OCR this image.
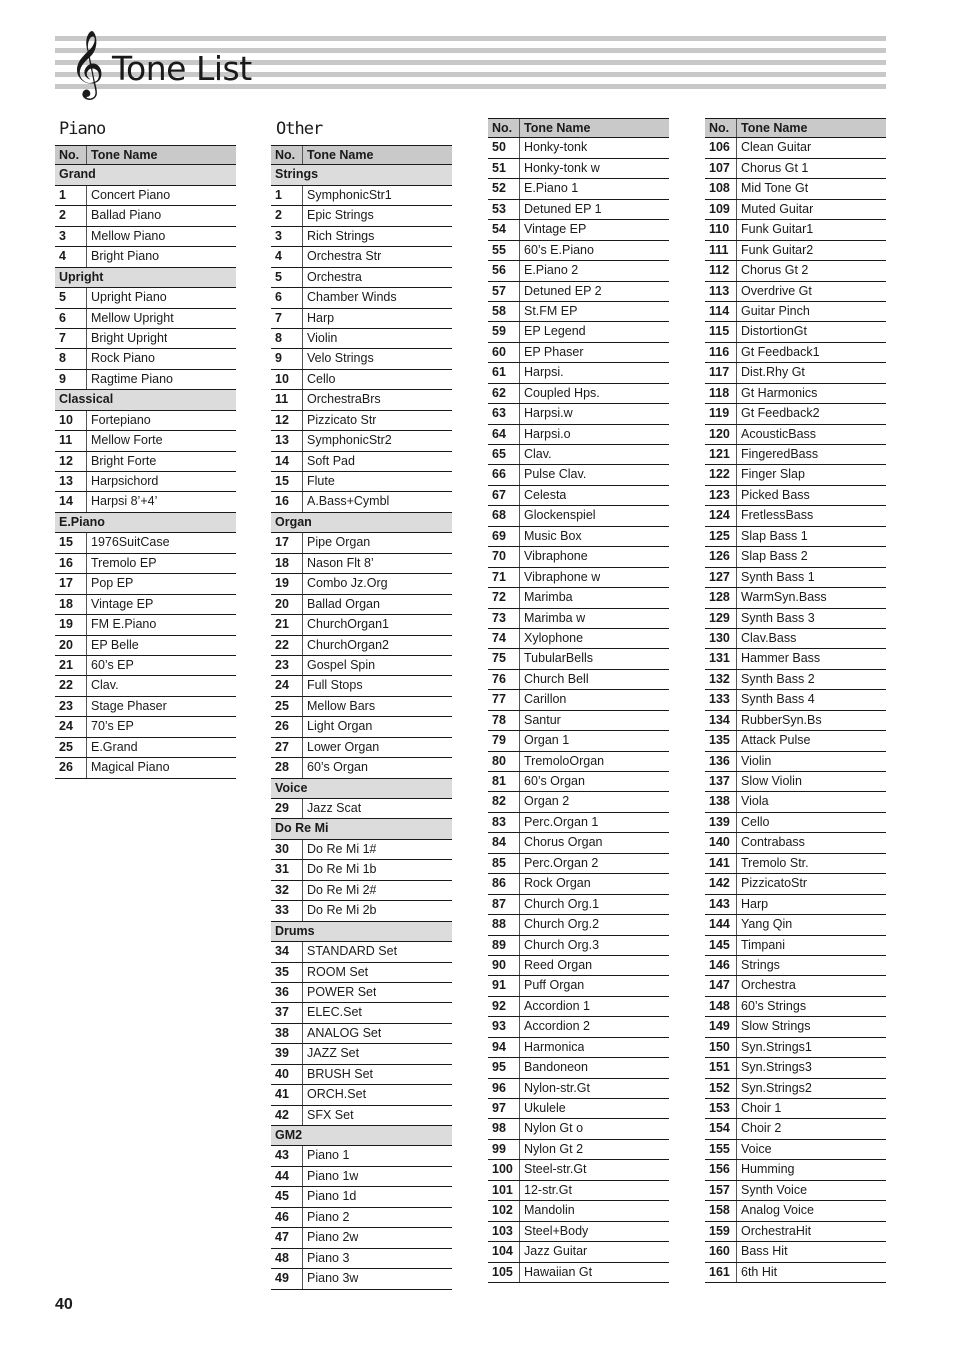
𝄞 Tone List
Piano	Other
No. Tone Name
Grand
1	Concert Piano
2	Ballad Piano
3	Mellow Piano
4	Bright Piano
Upright
5	Upright Piano
6	Mellow Upright
7	Bright Upright
8	Rock Piano
9	Ragtime Piano
Classical
10	Fortepiano
11	Mellow Forte
12	Bright Forte
13	Harpsichord
14	Harpsi 8’+4’
E.Piano
15	1976SuitCase
16	Tremolo EP
17	Pop EP
18	Vintage EP
19	FM E.Piano
20	EP Belle
21	60’s EP
22	Clav.
23	Stage Phaser
24	70’s EP
25	E.Grand
26	Magical Piano
No. Tone Name
Strings
1	SymphonicStr1
2	Epic Strings
3	Rich Strings
4	Orchestra Str
5	Orchestra
6	Chamber Winds
7	Harp
8	Violin
9	Velo Strings
10	Cello
11	OrchestraBrs
12	Pizzicato Str
13	SymphonicStr2
14	Soft Pad
15	Flute
16	A.Bass+Cymbl
Organ
17	Pipe Organ
18	Nason Flt 8’
19	Combo Jz.Org
20	Ballad Organ
21	ChurchOrgan1
22	ChurchOrgan2
23	Gospel Spin
24	Full Stops
25	Mellow Bars
26	Light Organ
27	Lower Organ
28	60’s Organ
Voice
29	Jazz Scat
Do Re Mi
30	Do Re Mi 1#
31	Do Re Mi 1b
32	Do Re Mi 2#
33	Do Re Mi 2b
Drums
34	STANDARD Set
35	ROOM Set
36	POWER Set
37	ELEC.Set
38	ANALOG Set
39	JAZZ Set
40	BRUSH Set
41	ORCH.Set
42	SFX Set
GM2
43	Piano 1
44	Piano 1w
45	Piano 1d
46	Piano 2
47	Piano 2w
48	Piano 3
49	Piano 3w
No. Tone Name
50	Honky-tonk
51	Honky-tonk w
52	E.Piano 1
53	Detuned EP 1
54	Vintage EP
55	60’s E.Piano
56	E.Piano 2
57	Detuned EP 2
58	St.FM EP
59	EP Legend
60	EP Phaser
61	Harpsi.
62	Coupled Hps.
63	Harpsi.w
64	Harpsi.o
65	Clav.
66	Pulse Clav.
67	Celesta
68	Glockenspiel
69	Music Box
70	Vibraphone
71	Vibraphone w
72	Marimba
73	Marimba w
74	Xylophone
75	TubularBells
76	Church Bell
77	Carillon
78	Santur
79	Organ 1
80	TremoloOrgan
81	60’s Organ
82	Organ 2
83	Perc.Organ 1
84	Chorus Organ
85	Perc.Organ 2
86	Rock Organ
87	Church Org.1
88	Church Org.2
89	Church Org.3
90	Reed Organ
91	Puff Organ
92	Accordion 1
93	Accordion 2
94	Harmonica
95	Bandoneon
96	Nylon-str.Gt
97	Ukulele
98	Nylon Gt o
99	Nylon Gt 2
100 Steel-str.Gt
101 12-str.Gt
102 Mandolin
103 Steel+Body
104 Jazz Guitar
105 Hawaiian Gt
No. Tone Name
106 Clean Guitar
107 Chorus Gt 1
108 Mid Tone Gt
109 Muted Guitar
110 Funk Guitar1
111	Funk Guitar2
112 Chorus Gt 2
113 Overdrive Gt
114 Guitar Pinch
115 DistortionGt
116 Gt Feedback1
117 Dist.Rhy Gt
118 Gt Harmonics
119 Gt Feedback2
120 AcousticBass
121 FingeredBass
122 Finger Slap
123 Picked Bass
124 FretlessBass
125 Slap Bass 1
126 Slap Bass 2
127 Synth Bass 1
128 WarmSyn.Bass
129 Synth Bass 3
130 Clav.Bass
131 Hammer Bass
132 Synth Bass 2
133 Synth Bass 4
134 RubberSyn.Bs
135 Attack Pulse
136 Violin
137 Slow Violin
138 Viola
139 Cello
140 Contrabass
141 Tremolo Str.
142 PizzicatoStr
143 Harp
144 Yang Qin
145 Timpani
146 Strings
147 Orchestra
148 60’s Strings
149 Slow Strings
150 Syn.Strings1
151 Syn.Strings3
152 Syn.Strings2
153 Choir 1
154 Choir 2
155 Voice
156 Humming
157 Synth Voice
158 Analog Voice
159 OrchestraHit
160 Bass Hit
161 6th Hit
40
